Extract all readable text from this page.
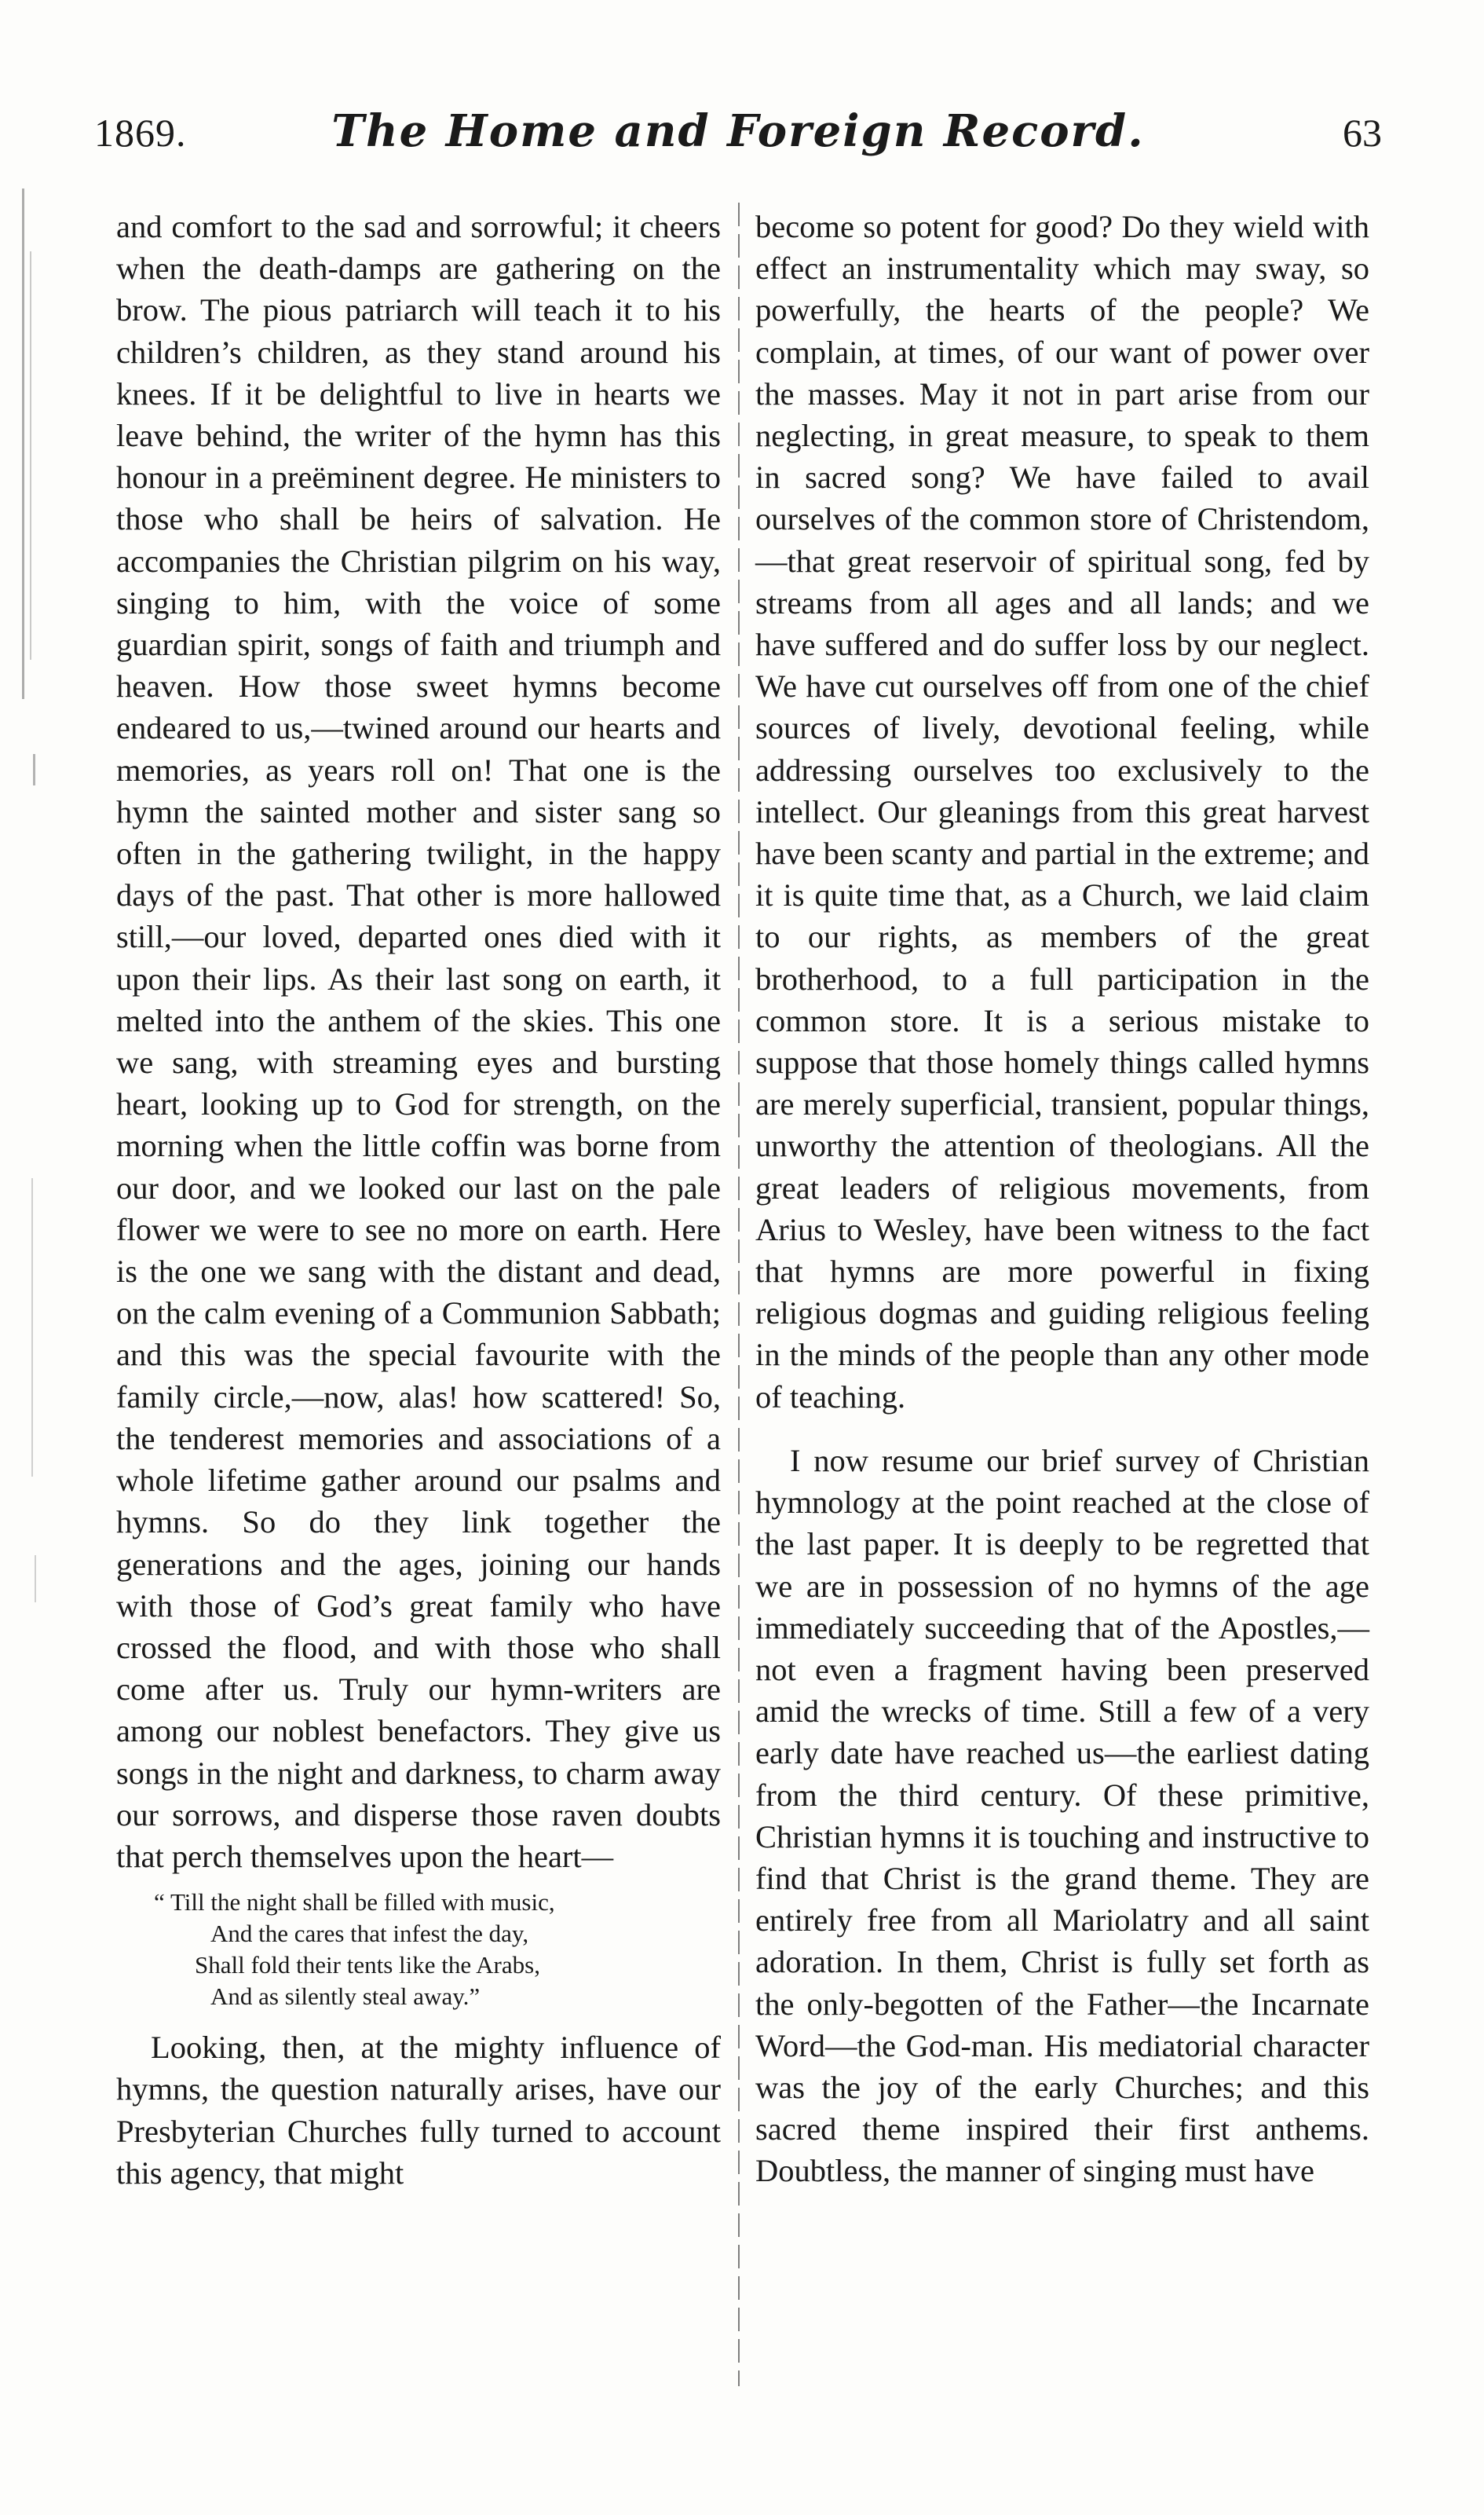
1869.	The Home and Foreign Record.	63

and comfort to the sad and sorrowful; it cheers when the death-damps are gathering on the brow. The pious patriarch will teach it to his children’s children, as they stand around his knees. If it be delightful to live in hearts we leave behind, the writer of the hymn has this honour in a preëminent degree. He ministers to those who shall be heirs of salvation. He accompanies the Christian pilgrim on his way, singing to him, with the voice of some guardian spirit, songs of faith and triumph and heaven. How those sweet hymns become endeared to us,—twined around our hearts and memories, as years roll on! That one is the hymn the sainted mother and sister sang so often in the gathering twilight, in the happy days of the past. That other is more hallowed still,—our loved, departed ones died with it upon their lips. As their last song on earth, it melted into the anthem of the skies. This one we sang, with streaming eyes and bursting heart, looking up to God for strength, on the morning when the little coffin was borne from our door, and we looked our last on the pale flower we were to see no more on earth. Here is the one we sang with the distant and dead, on the calm evening of a Communion Sabbath; and this was the special favourite with the family circle,—now, alas! how scattered! So, the tenderest memories and associations of a whole lifetime gather around our psalms and hymns. So do they link together the generations and the ages, joining our hands with those of God’s great family who have crossed the flood, and with those who shall come after us. Truly our hymn-writers are among our noblest benefactors. They give us songs in the night and darkness, to charm away our sorrows, and disperse those raven doubts that perch themselves upon the heart—

“ Till the night shall be filled with music,
And the cares that infest the day,
Shall fold their tents like the Arabs,
And as silently steal away.”

Looking, then, at the mighty influence of hymns, the question naturally arises, have our Presbyterian Churches fully turned to account this agency, that might

become so potent for good? Do they wield with effect an instrumentality which may sway, so powerfully, the hearts of the people? We complain, at times, of our want of power over the masses. May it not in part arise from our neglecting, in great measure, to speak to them in sacred song? We have failed to avail ourselves of the common store of Christendom,—that great reservoir of spiritual song, fed by streams from all ages and all lands; and we have suffered and do suffer loss by our neglect. We have cut ourselves off from one of the chief sources of lively, devotional feeling, while addressing ourselves too exclusively to the intellect. Our gleanings from this great harvest have been scanty and partial in the extreme; and it is quite time that, as a Church, we laid claim to our rights, as members of the great brotherhood, to a full participation in the common store. It is a serious mistake to suppose that those homely things called hymns are merely superficial, transient, popular things, unworthy the attention of theologians. All the great leaders of religious movements, from Arius to Wesley, have been witness to the fact that hymns are more powerful in fixing religious dogmas and guiding religious feeling in the minds of the people than any other mode of teaching.

I now resume our brief survey of Christian hymnology at the point reached at the close of the last paper. It is deeply to be regretted that we are in possession of no hymns of the age immediately succeeding that of the Apostles,—not even a fragment having been preserved amid the wrecks of time. Still a few of a very early date have reached us—the earliest dating from the third century. Of these primitive, Christian hymns it is touching and instructive to find that Christ is the grand theme. They are entirely free from all Mariolatry and all saint adoration. In them, Christ is fully set forth as the only-begotten of the Father—the Incarnate Word—the God-man. His mediatorial character was the joy of the early Churches; and this sacred theme inspired their first anthems. Doubtless, the manner of singing must have
